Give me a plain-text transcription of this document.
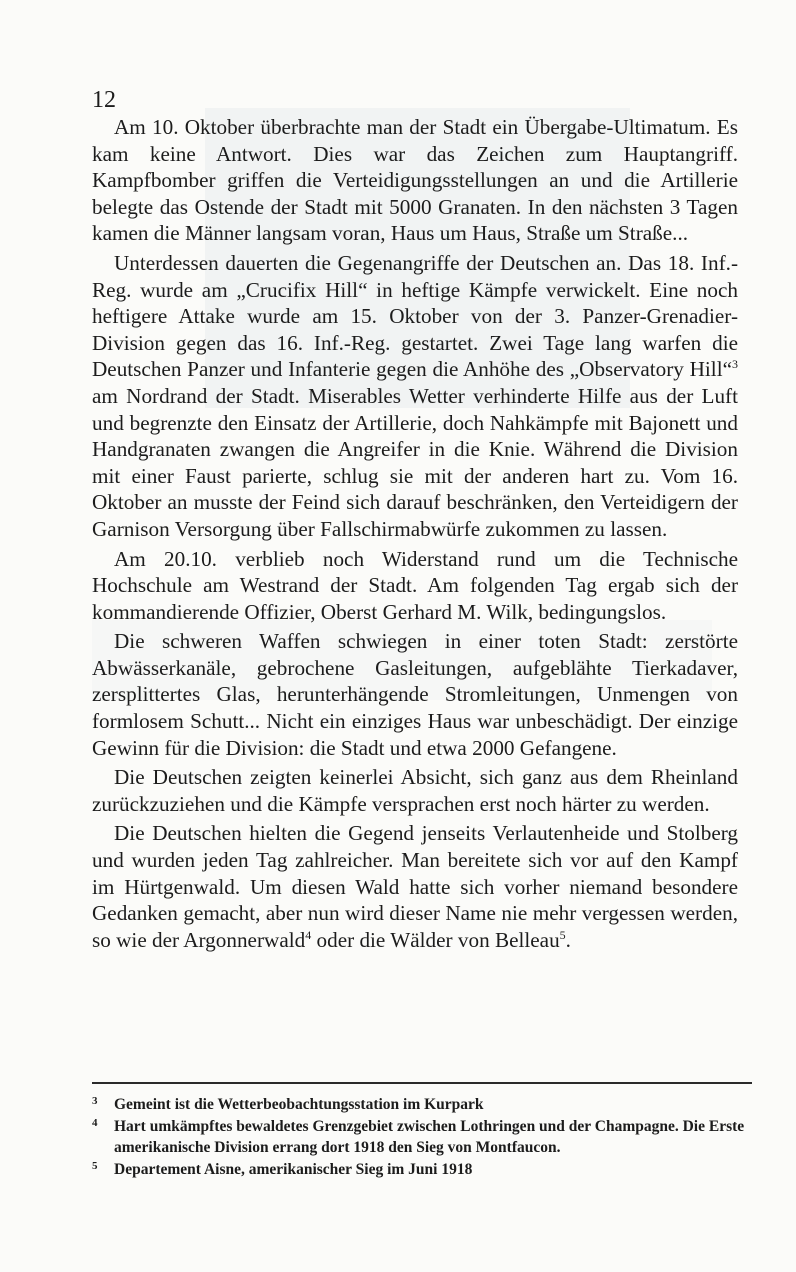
12

Am 10. Oktober überbrachte man der Stadt ein Übergabe-Ultimatum. Es kam keine Antwort. Dies war das Zeichen zum Hauptangriff. Kampfbomber griffen die Verteidigungsstellungen an und die Artillerie belegte das Ostende der Stadt mit 5000 Granaten. In den nächsten 3 Tagen kamen die Männer langsam voran, Haus um Haus, Straße um Straße...

Unterdessen dauerten die Gegenangriffe der Deutschen an. Das 18. Inf.-Reg. wurde am „Crucifix Hill“ in heftige Kämpfe verwickelt. Eine noch heftigere Attake wurde am 15. Oktober von der 3. Panzer-Grenadier-Division gegen das 16. Inf.-Reg. gestartet. Zwei Tage lang warfen die Deutschen Panzer und Infanterie gegen die Anhöhe des „Observatory Hill“$^3$ am Nordrand der Stadt. Miserables Wetter verhinderte Hilfe aus der Luft und begrenzte den Einsatz der Artillerie, doch Nahkämpfe mit Bajonett und Handgranaten zwangen die Angreifer in die Knie. Während die Division mit einer Faust parierte, schlug sie mit der anderen hart zu. Vom 16. Oktober an musste der Feind sich darauf beschränken, den Verteidigern der Garnison Versorgung über Fallschirmabwürfe zukommen zu lassen.

Am 20.10. verblieb noch Widerstand rund um die Technische Hochschule am Westrand der Stadt. Am folgenden Tag ergab sich der kommandierende Offizier, Oberst Gerhard M. Wilk, bedingungslos.

Die schweren Waffen schwiegen in einer toten Stadt: zerstörte Abwässerkanäle, gebrochene Gasleitungen, aufgeblähte Tierkadaver, zersplittertes Glas, herunterhängende Stromleitungen, Unmengen von formlosem Schutt... Nicht ein einziges Haus war unbeschädigt. Der einzige Gewinn für die Division: die Stadt und etwa 2000 Gefangene.

Die Deutschen zeigten keinerlei Absicht, sich ganz aus dem Rheinland zurückzuziehen und die Kämpfe versprachen erst noch härter zu werden.

Die Deutschen hielten die Gegend jenseits Verlautenheide und Stolberg und wurden jeden Tag zahlreicher. Man bereitete sich vor auf den Kampf im Hürtgenwald. Um diesen Wald hatte sich vorher niemand besondere Gedanken gemacht, aber nun wird dieser Name nie mehr vergessen werden, so wie der Argonnerwald$^4$ oder die Wälder von Belleau$^5$.

3 Gemeint ist die Wetterbeobachtungsstation im Kurpark

4 Hart umkämpftes bewaldetes Grenzgebiet zwischen Lothringen und der Champagne. Die Erste amerikanische Division errang dort 1918 den Sieg von Montfaucon.

5 Departement Aisne, amerikanischer Sieg im Juni 1918
